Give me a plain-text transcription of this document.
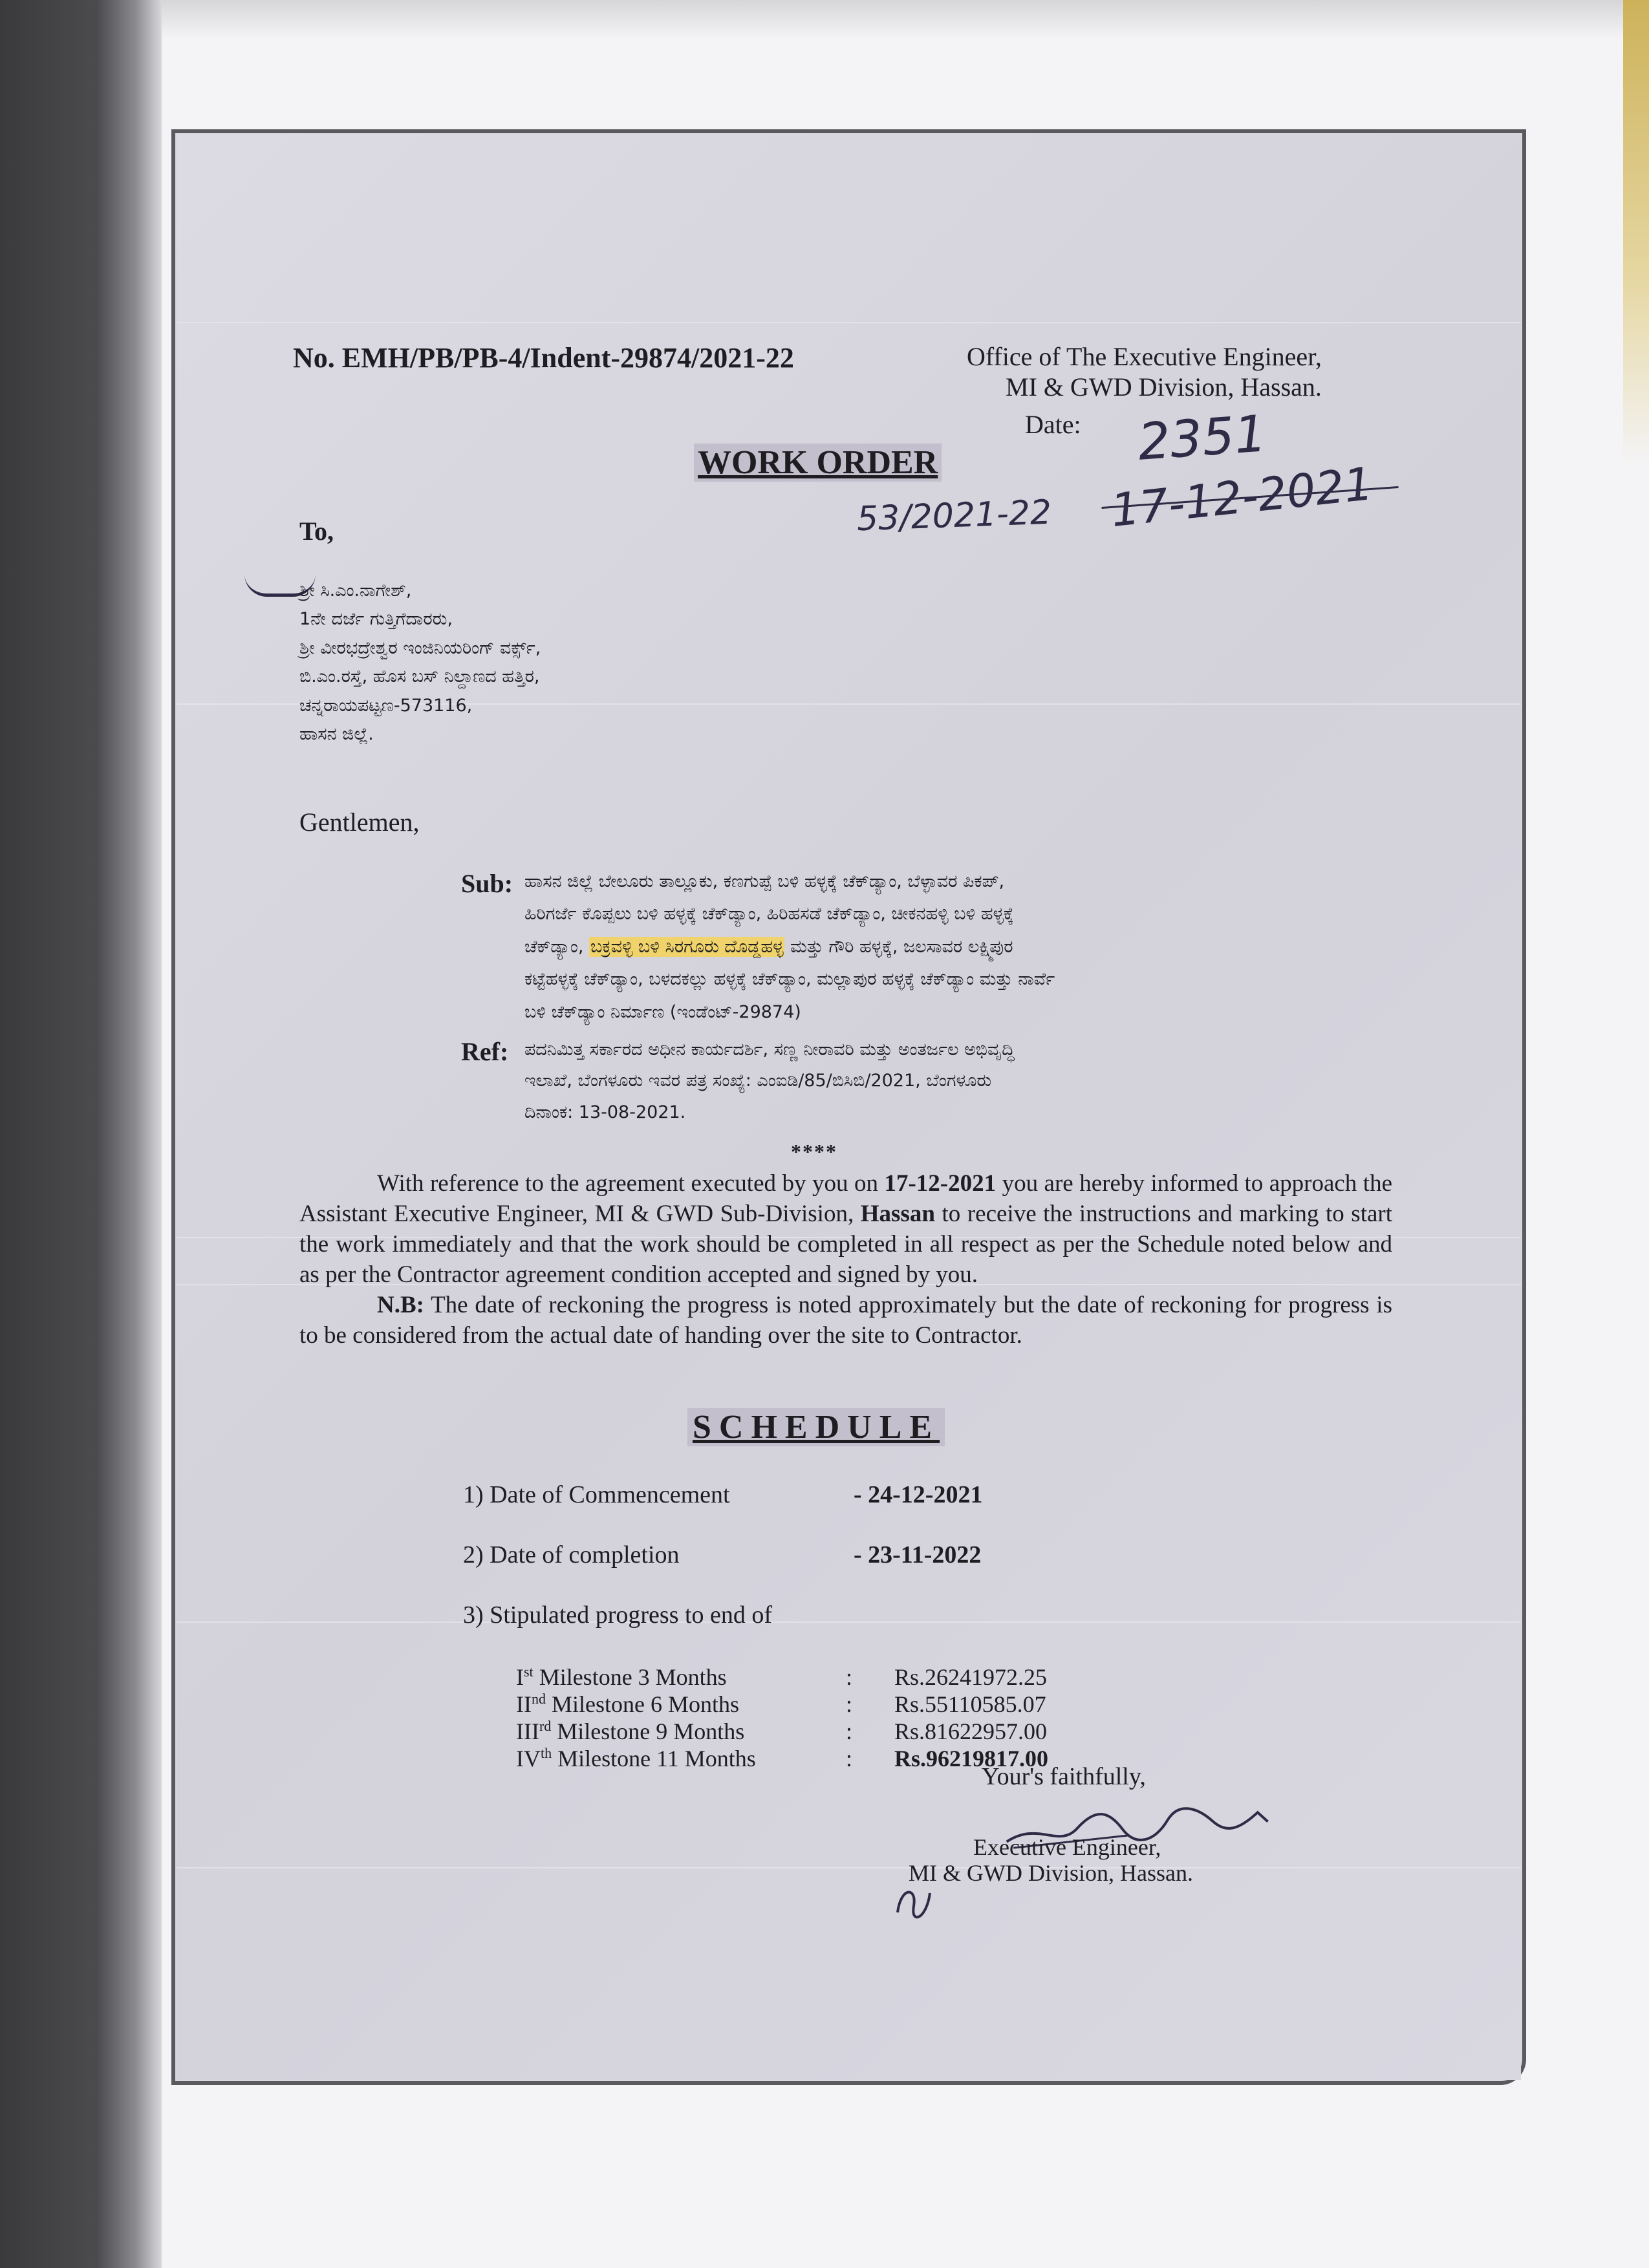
No. EMH/PB/PB-4/Indent-29874/2021-22	Office of The Executive Engineer,
MI & GWD Division, Hassan.
Date:
WORK ORDER	2351
53/2021-22 17-12-2021
To,
ಶ್ರೀ ಸಿ.ಎಂ.ನಾಗೇಶ್,
1ನೇ ದರ್ಜೆ ಗುತ್ತಿಗೆದಾರರು,
ಶ್ರೀ ವೀರಭದ್ರೇಶ್ವರ ಇಂಜಿನಿಯರಿಂಗ್ ವರ್ಕ್ಸ್,
ಬಿ.ಎಂ.ರಸ್ತೆ, ಹೊಸ ಬಸ್ ನಿಲ್ದಾಣದ ಹತ್ತಿರ,
ಚನ್ನರಾಯಪಟ್ಟಣ-573116,
ಹಾಸನ ಜಿಲ್ಲೆ.
Gentlemen,
Sub: ಹಾಸನ ಜಿಲ್ಲೆ ಬೇಲೂರು ತಾಲ್ಲೂಕು, ಕಣಗುಪ್ಪೆ ಬಳಿ ಹಳ್ಳಕ್ಕೆ ಚೆಕ್‌ಡ್ಯಾಂ, ಬೆಳ್ಳಾವರ ಪಿಕಪ್,
ಹಿರಿಗರ್ಜೆ ಕೊಪ್ಪಲು ಬಳಿ ಹಳ್ಳಕ್ಕೆ ಚೆಕ್‌ಡ್ಯಾಂ, ಹಿರಿಹಸಡೆ ಚೆಕ್‌ಡ್ಯಾಂ, ಚೀಕನಹಳ್ಳಿ ಬಳಿ ಹಳ್ಳಕ್ಕೆ
ಚೆಕ್‌ಡ್ಯಾಂ, ಬಕ್ರವಳ್ಳಿ ಬಳಿ ಸಿರಗೂರು ದೊಡ್ಡಹಳ್ಳ ಮತ್ತು ಗೌರಿ ಹಳ್ಳಕ್ಕೆ, ಜಲಸಾವರ ಲಕ್ಷ್ಮಿಪುರ
ಕಟ್ಟೆಹಳ್ಳಕ್ಕೆ ಚೆಕ್‌ಡ್ಯಾಂ, ಬಳದಕಲ್ಲು ಹಳ್ಳಕ್ಕೆ ಚೆಕ್‌ಡ್ಯಾಂ, ಮಲ್ಲಾಪುರ ಹಳ್ಳಕ್ಕೆ ಚೆಕ್‌ಡ್ಯಾಂ ಮತ್ತು ನಾರ್ವೆ
ಬಳಿ ಚೆಕ್‌ಡ್ಯಾಂ ನಿರ್ಮಾಣ (ಇಂಡೆಂಟ್-29874)
Ref: ಪದನಿಮಿತ್ತ ಸರ್ಕಾರದ ಅಧೀನ ಕಾರ್ಯದರ್ಶಿ, ಸಣ್ಣ ನೀರಾವರಿ ಮತ್ತು ಅಂತರ್ಜಲ ಅಭಿವೃದ್ಧಿ
ಇಲಾಖೆ, ಬೆಂಗಳೂರು ಇವರ ಪತ್ರ ಸಂಖ್ಯೆ: ಎಂಐಡಿ/85/ಬಿಸಿಬಿ/2021, ಬೆಂಗಳೂರು
ದಿನಾಂಕ: 13-08-2021.
****

With reference to the agreement executed by you on 17-12-2021 you are hereby informed to approach the Assistant Executive Engineer, MI & GWD Sub-Division, Hassan to receive the instructions and marking to start the work immediately and that the work should be completed in all respect as per the Schedule noted below and as per the Contractor agreement condition accepted and signed by you.

N.B: The date of reckoning the progress is noted approximately but the date of reckoning for progress is to be considered from the actual date of handing over the site to Contractor.

SCHEDULE
1) Date of Commencement	- 24-12-2021
2) Date of completion	- 23-11-2022
3) Stipulated progress to end of
Ist Milestone 3 Months	: Rs.26241972.25
IInd Milestone 6 Months	: Rs.55110585.07
IIIrd Milestone 9 Months	: Rs.81622957.00
IVth Milestone 11 Months	: Rs.96219817.00
Your's faithfully,
Executive Engineer,
MI & GWD Division, Hassan.
